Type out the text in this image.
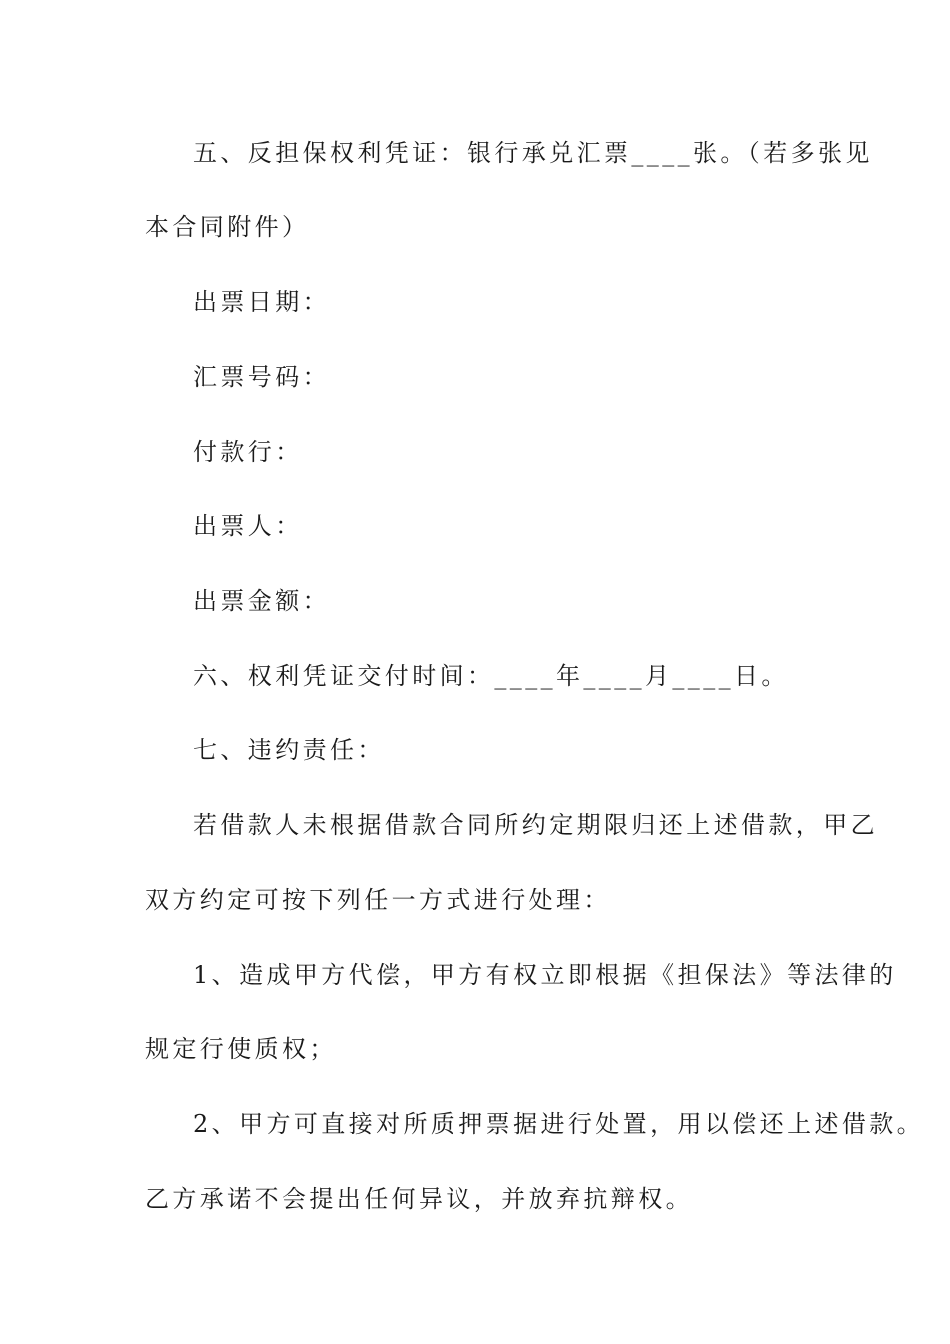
五、反担保权利凭证：银行承兑汇票____张。（若多张见
本合同附件）
出票日期：
汇票号码：
付款行：
出票人：
出票金额：
六、权利凭证交付时间：____年____月____日。
七、违约责任：
若借款人未根据借款合同所约定期限归还上述借款，甲乙
双方约定可按下列任一方式进行处理：
1、造成甲方代偿，甲方有权立即根据《担保法》等法律的
规定行使质权；
2、甲方可直接对所质押票据进行处置，用以偿还上述借款。
乙方承诺不会提出任何异议，并放弃抗辩权。
